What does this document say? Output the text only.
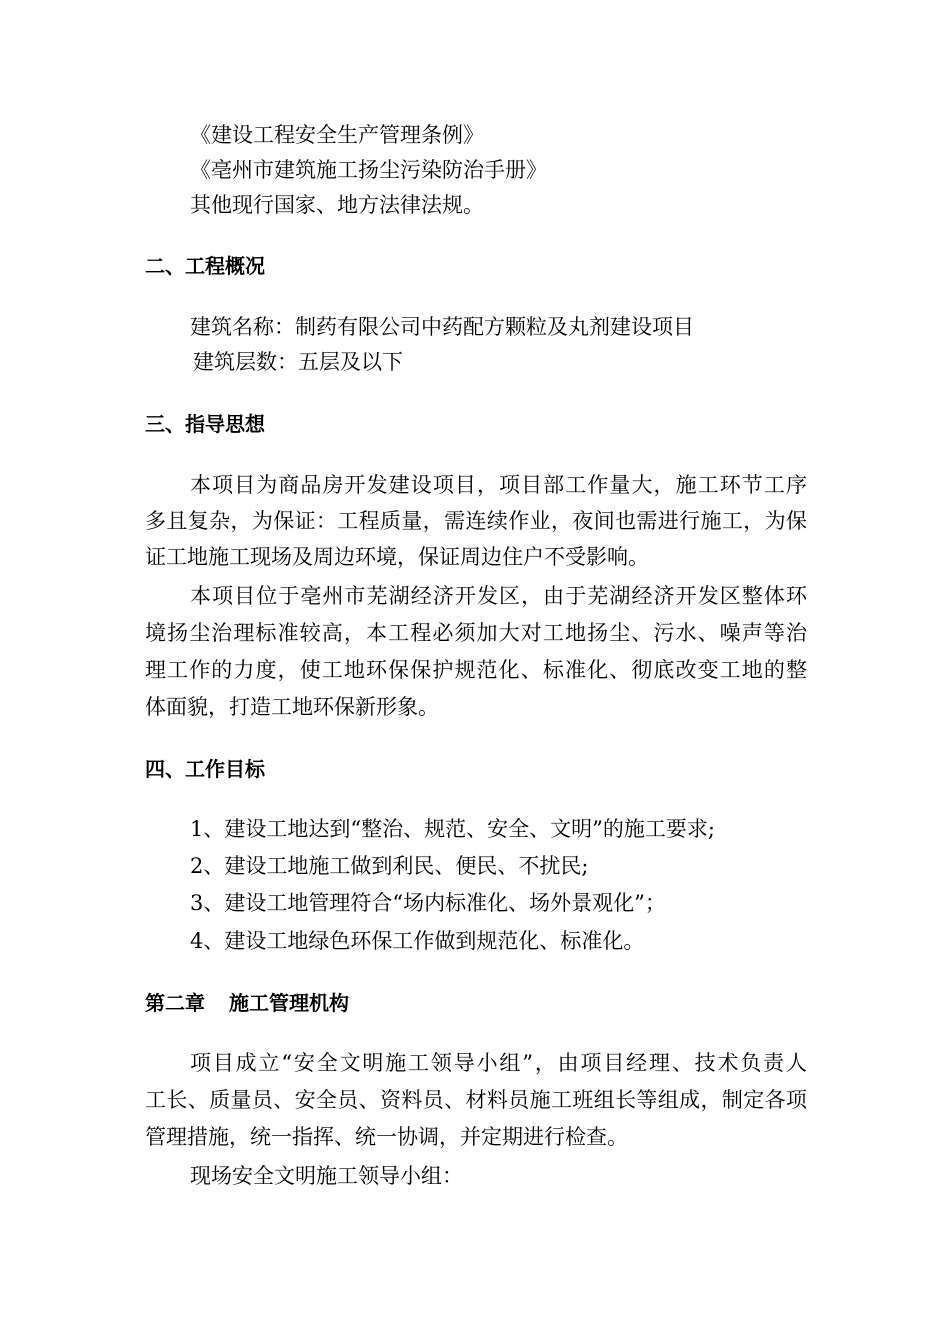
《建设工程安全生产管理条例》
《亳州市建筑施工扬尘污染防治手册》
其他现行国家、地方法律法规。
二、工程概况
建筑名称：制药有限公司中药配方颗粒及丸剂建设项目
建筑层数：五层及以下
三、指导思想
本项目为商品房开发建设项目，项目部工作量大，施工环节工序
多且复杂，为保证：工程质量，需连续作业，夜间也需进行施工，为保
证工地施工现场及周边环境，保证周边住户不受影响。
本项目位于亳州市芜湖经济开发区，由于芜湖经济开发区整体环
境扬尘治理标准较高，本工程必须加大对工地扬尘、污水、噪声等治
理工作的力度，使工地环保保护规范化、标准化、彻底改变工地的整
体面貌，打造工地环保新形象。
四、工作目标
1、建设工地达到“整治、规范、安全、文明”的施工要求;
2、建设工地施工做到利民、便民、不扰民;
3、建设工地管理符合“场内标准化、场外景观化”；
4、建设工地绿色环保工作做到规范化、标准化。
第二章 施工管理机构
项目成立“安全文明施工领导小组”，由项目经理、技术负责人
工长、质量员、安全员、资料员、材料员施工班组长等组成，制定各项
管理措施，统一指挥、统一协调，并定期进行检查。
现场安全文明施工领导小组：
